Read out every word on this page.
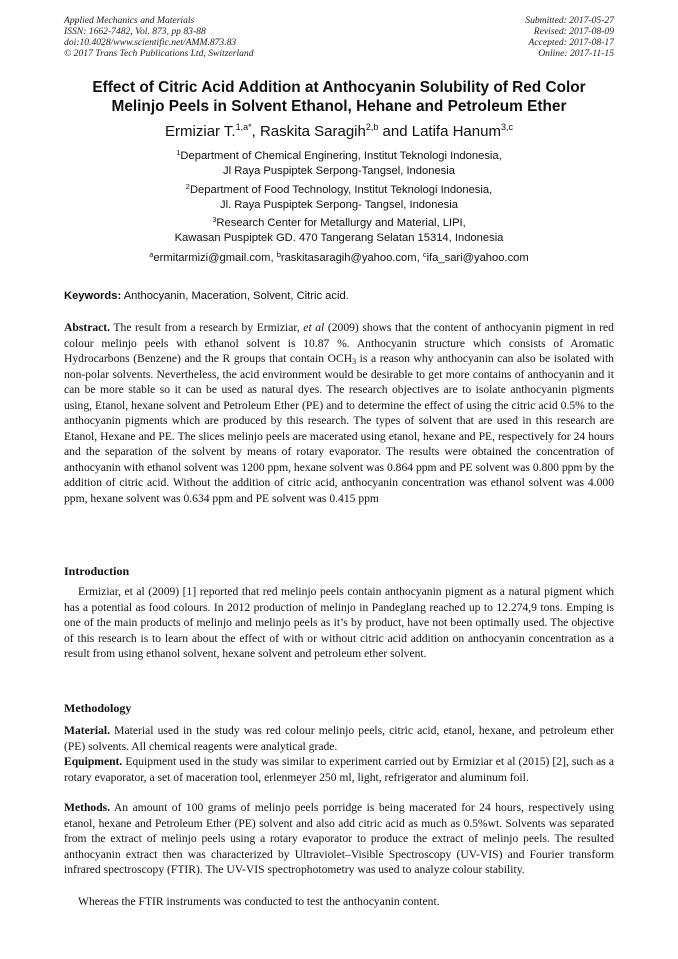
Applied Mechanics and Materials
ISSN: 1662-7482, Vol. 873, pp 83-88
doi:10.4028/www.scientific.net/AMM.873.83
© 2017 Trans Tech Publications Ltd, Switzerland
Submitted: 2017-05-27
Revised: 2017-08-09
Accepted: 2017-08-17
Online: 2017-11-15
Effect of Citric Acid Addition at Anthocyanin Solubility of Red Color
Melinjo Peels in Solvent Ethanol, Hehane and Petroleum Ether
Ermiziar T.$^{1,a*}$, Raskita Saragih$^{2,b}$ and Latifa Hanum$^{3,c}$
$^1$Department of Chemical Enginering, Institut Teknologi Indonesia,
Jl Raya Puspiptek Serpong-Tangsel, Indonesia
$^2$Department of Food Technology, Institut Teknologi Indonesia,
Jl. Raya Puspiptek Serpong- Tangsel, Indonesia
$^3$Research Center for Metallurgy and Material, LIPI,
Kawasan Puspiptek GD. 470 Tangerang Selatan 15314, Indonesia
$^a$ermitarmizi@gmail.com, $^b$raskitasaragih@yahoo.com, $^c$ifa_sari@yahoo.com
Keywords: Anthocyanin, Maceration, Solvent, Citric acid.
Abstract. The result from a research by Ermiziar, et al (2009) shows that the content of anthocyanin pigment in red colour melinjo peels with ethanol solvent is 10.87 %. Anthocyanin structure which consists of Aromatic Hydrocarbons (Benzene) and the R groups that contain $OCH_3$ is a reason why anthocyanin can also be isolated with non-polar solvents. Nevertheless, the acid environment would be desirable to get more contains of anthocyanin and it can be more stable so it can be used as natural dyes. The research objectives are to isolate anthocyanin pigments using, Etanol, hexane solvent and Petroleum Ether (PE) and to determine the effect of using the citric acid 0.5% to the anthocyanin pigments which are produced by this research. The types of solvent that are used in this research are Etanol, Hexane and PE. The slices melinjo peels are macerated using etanol, hexane and PE, respectively for 24 hours and the separation of the solvent by means of rotary evaporator. The results were obtained the concentration of anthocyanin with ethanol solvent was 1200 ppm, hexane solvent was 0.864 ppm and PE solvent was 0.800 ppm by the addition of citric acid. Without the addition of citric acid, anthocyanin concentration was ethanol solvent was 4.000 ppm, hexane solvent was 0.634 ppm and PE solvent was 0.415 ppm
Introduction
Ermiziar, et al (2009) [1] reported that red melinjo peels contain anthocyanin pigment as a natural pigment which has a potential as food colours. In 2012 production of melinjo in Pandeglang reached up to 12.274,9 tons. Emping is one of the main products of melinjo and melinjo peels as it’s by product, have not been optimally used. The objective of this research is to learn about the effect of with or without citric acid addition on anthocyanin concentration as a result from using ethanol solvent, hexane solvent and petroleum ether solvent.
Methodology
Material. Material used in the study was red colour melinjo peels, citric acid, etanol, hexane, and petroleum ether (PE) solvents. All chemical reagents were analytical grade.
Equipment. Equipment used in the study was similar to experiment carried out by Ermiziar et al (2015) [2], such as a rotary evaporator, a set of maceration tool, erlenmeyer 250 ml, light, refrigerator and aluminum foil.
Methods. An amount of 100 grams of melinjo peels porridge is being macerated for 24 hours, respectively using etanol, hexane and Petroleum Ether (PE) solvent and also add citric acid as much as 0.5%wt. Solvents was separated from the extract of melinjo peels using a rotary evaporator to produce the extract of melinjo peels. The resulted anthocyanin extract then was characterized by Ultraviolet–Visible Spectroscopy (UV-VIS) and Fourier transform infrared spectroscopy (FTIR). The UV-VIS spectrophotometry was used to analyze colour stability.
Whereas the FTIR instruments was conducted to test the anthocyanin content.
